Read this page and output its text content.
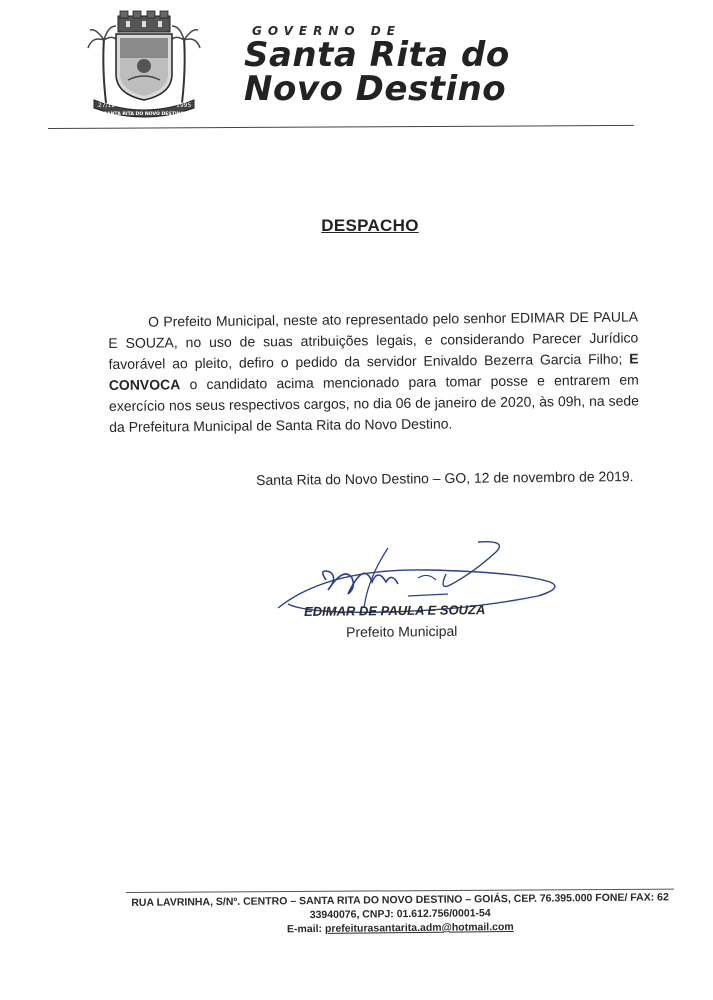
27/12	1995
SANTA RITA DO NOVO DESTINO
GOVERNO DE
Santa Rita do
Novo Destino
DESPACHO
O Prefeito Municipal, neste ato representado pelo senhor EDIMAR DE PAULA E SOUZA, no uso de suas atribuições legais, e considerando Parecer Jurídico favorável ao pleito, defiro o pedido da servidor Enivaldo Bezerra Garcia Filho; E CONVOCA o candidato acima mencionado para tomar posse e entrarem em exercício nos seus respectivos cargos, no dia 06 de janeiro de 2020, às 09h, na sede da Prefeitura Municipal de Santa Rita do Novo Destino.
Santa Rita do Novo Destino – GO, 12 de novembro de 2019.
EDIMAR DE PAULA E SOUZA
Prefeito Municipal
RUA LAVRINHA, S/Nº. CENTRO – SANTA RITA DO NOVO DESTINO – GOIÁS, CEP. 76.395.000 FONE/ FAX: 62 33940076, CNPJ: 01.612.756/0001-54
E-mail: prefeiturasantarita.adm@hotmail.com
